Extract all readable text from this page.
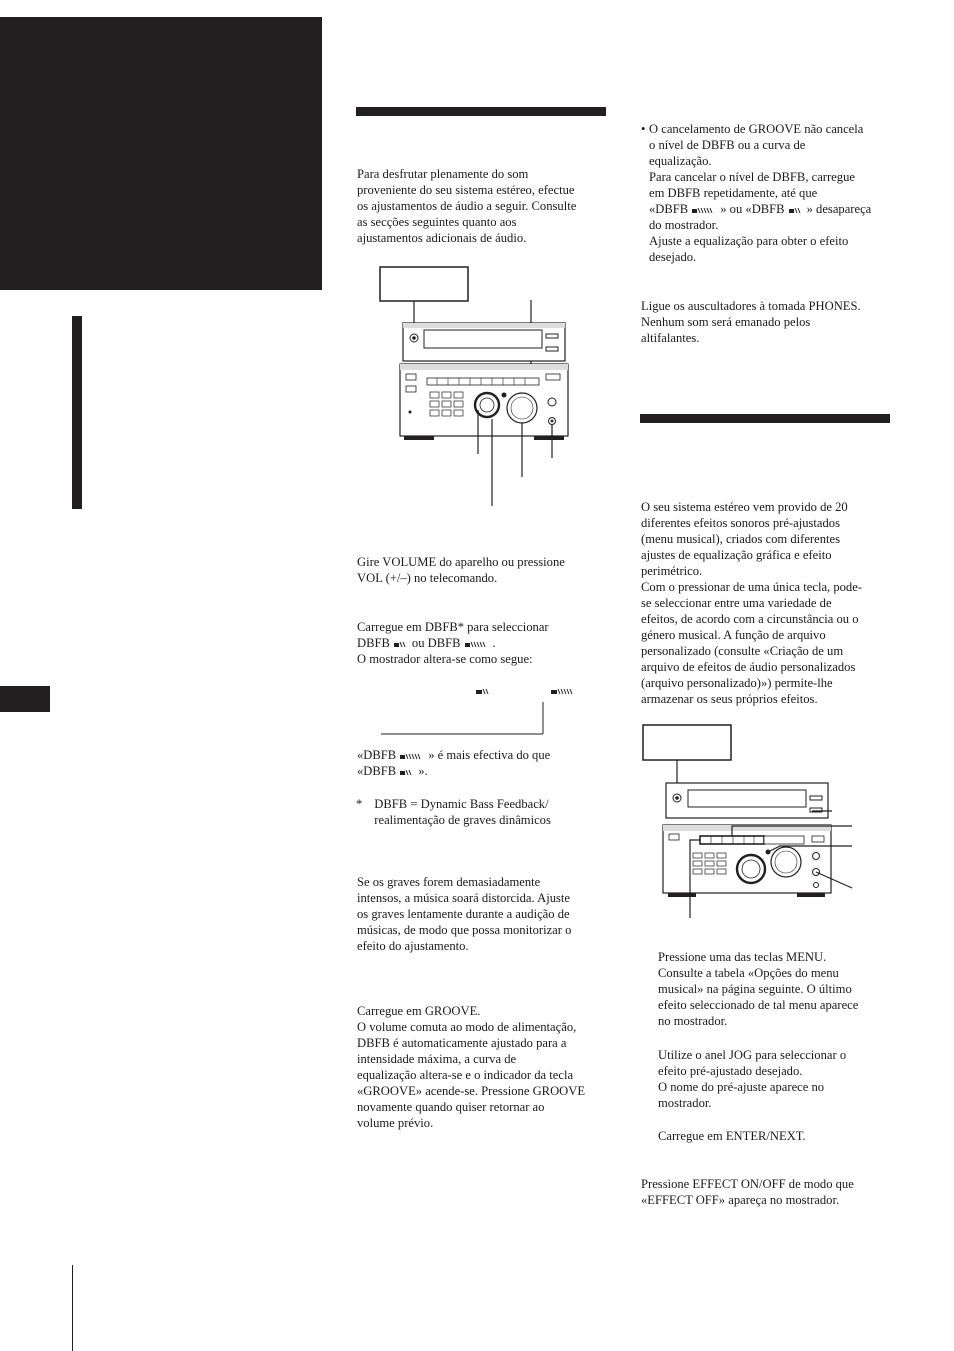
Para desfrutar plenamente do som
proveniente do seu sistema estéreo, efectue
os ajustamentos de áudio a seguir. Consulte
as secções seguintes quanto aos
ajustamentos adicionais de áudio.

Gire VOLUME do aparelho ou pressione
VOL (+/–) no telecomando.

Carregue em DBFB* para seleccionar
DBFB ou DBFB	.
O mostrador altera-se como segue:
«DBFB	» é mais efectiva do que
«DBFB ».
* DBFB = Dynamic Bass Feedback/
realimentação de graves dinâmicos

Se os graves forem demasiadamente
intensos, a música soará distorcida. Ajuste
os graves lentamente durante a audição de
músicas, de modo que possa monitorizar o
efeito do ajustamento.

Carregue em GROOVE.
O volume comuta ao modo de alimentação,
DBFB é automaticamente ajustado para a
intensidade máxima, a curva de
equalização altera-se e o indicador da tecla
«GROOVE» acende-se. Pressione GROOVE
novamente quando quiser retornar ao
volume prévio.

• O cancelamento de GROOVE não cancela
o nível de DBFB ou a curva de
equalização.
Para cancelar o nível de DBFB, carregue
em DBFB repetidamente, até que
«DBFB	» ou «DBFB » desapareça
do mostrador.
Ajuste a equalização para obter o efeito
desejado.

Ligue os auscultadores à tomada PHONES.
Nenhum som será emanado pelos
altifalantes.

O seu sistema estéreo vem provido de 20
diferentes efeitos sonoros pré-ajustados
(menu musical), criados com diferentes
ajustes de equalização gráfica e efeito
perimétrico.
Com o pressionar de uma única tecla, pode-
se seleccionar entre uma variedade de
efeitos, de acordo com a circunstância ou o
género musical. A função de arquivo
personalizado (consulte «Criação de um
arquivo de efeitos de áudio personalizados
(arquivo personalizado)») permite-lhe
armazenar os seus próprios efeitos.

Pressione uma das teclas MENU.
Consulte a tabela «Opções do menu
musical» na página seguinte. O último
efeito seleccionado de tal menu aparece
no mostrador.

Utilize o anel JOG para seleccionar o
efeito pré-ajustado desejado.
O nome do pré-ajuste aparece no
mostrador.

Carregue em ENTER/NEXT.

Pressione EFFECT ON/OFF de modo que
«EFFECT OFF» apareça no mostrador.
